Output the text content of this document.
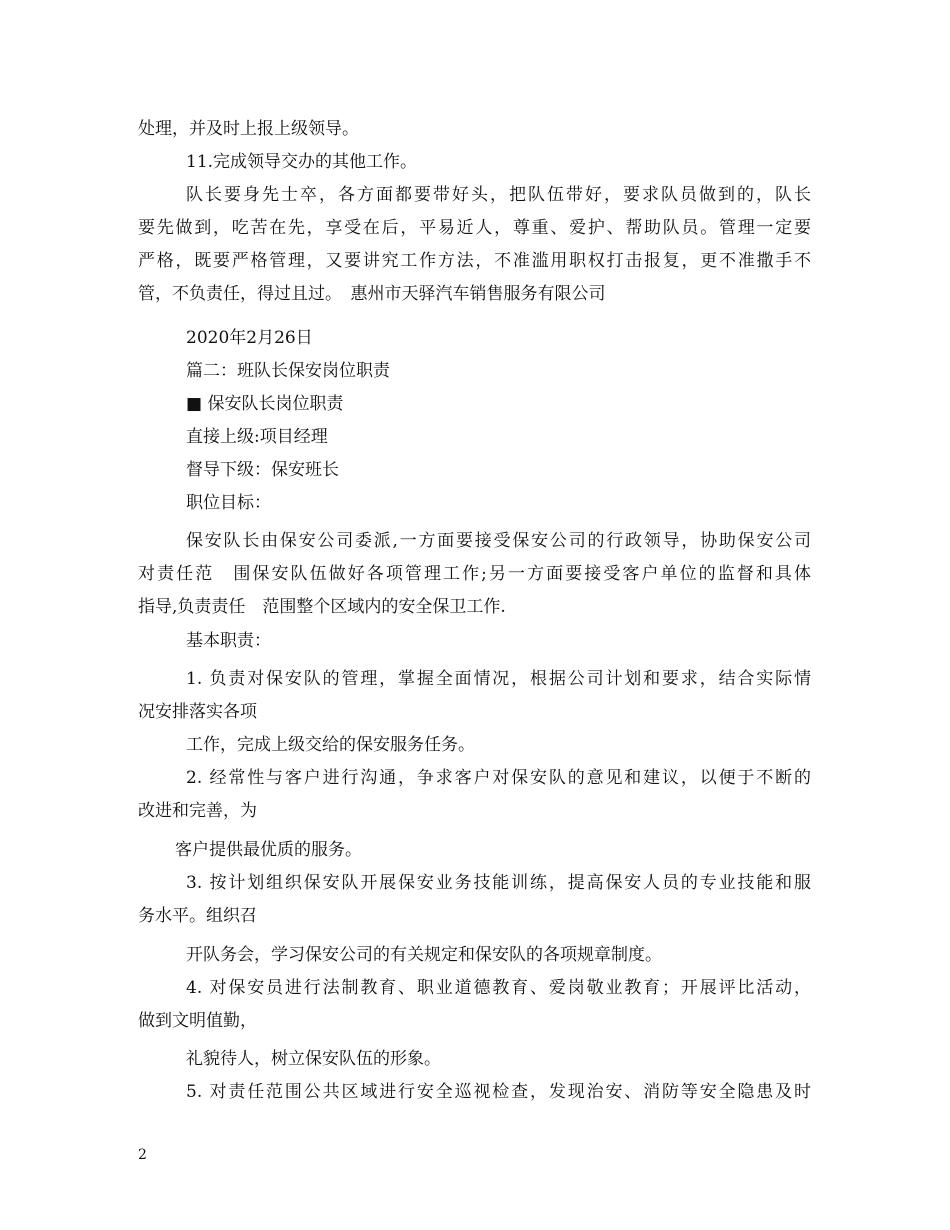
处理，并及时上报上级领导。
11.完成领导交办的其他工作。
队长要身先士卒，各方面都要带好头，把队伍带好，要求队员做到的，队长
要先做到，吃苦在先，享受在后，平易近人，尊重、爱护、帮助队员。管理一定要
严格，既要严格管理，又要讲究工作方法，不准滥用职权打击报复，更不准撒手不
管，不负责任，得过且过。　惠州市天驿汽车销售服务有限公司
2020年2月26日
篇二：班队长保安岗位职责
■ 保安队长岗位职责
直接上级:项目经理
督导下级：保安班长
职位目标：
保安队长由保安公司委派,一方面要接受保安公司的行政领导，协助保安公司
对责任范　围保安队伍做好各项管理工作;另一方面要接受客户单位的监督和具体
指导,负责责任　范围整个区域内的安全保卫工作.
基本职责：
1. 负责对保安队的管理，掌握全面情况，根据公司计划和要求，结合实际情
况安排落实各项
工作，完成上级交给的保安服务任务。
2. 经常性与客户进行沟通，争求客户对保安队的意见和建议，以便于不断的
改进和完善，为
客户提供最优质的服务。
3. 按计划组织保安队开展保安业务技能训练，提高保安人员的专业技能和服
务水平。组织召
开队务会，学习保安公司的有关规定和保安队的各项规章制度。
4. 对保安员进行法制教育、职业道德教育、爱岗敬业教育；开展评比活动，
做到文明值勤，
礼貌待人，树立保安队伍的形象。
5. 对责任范围公共区域进行安全巡视检查，发现治安、消防等安全隐患及时
2
